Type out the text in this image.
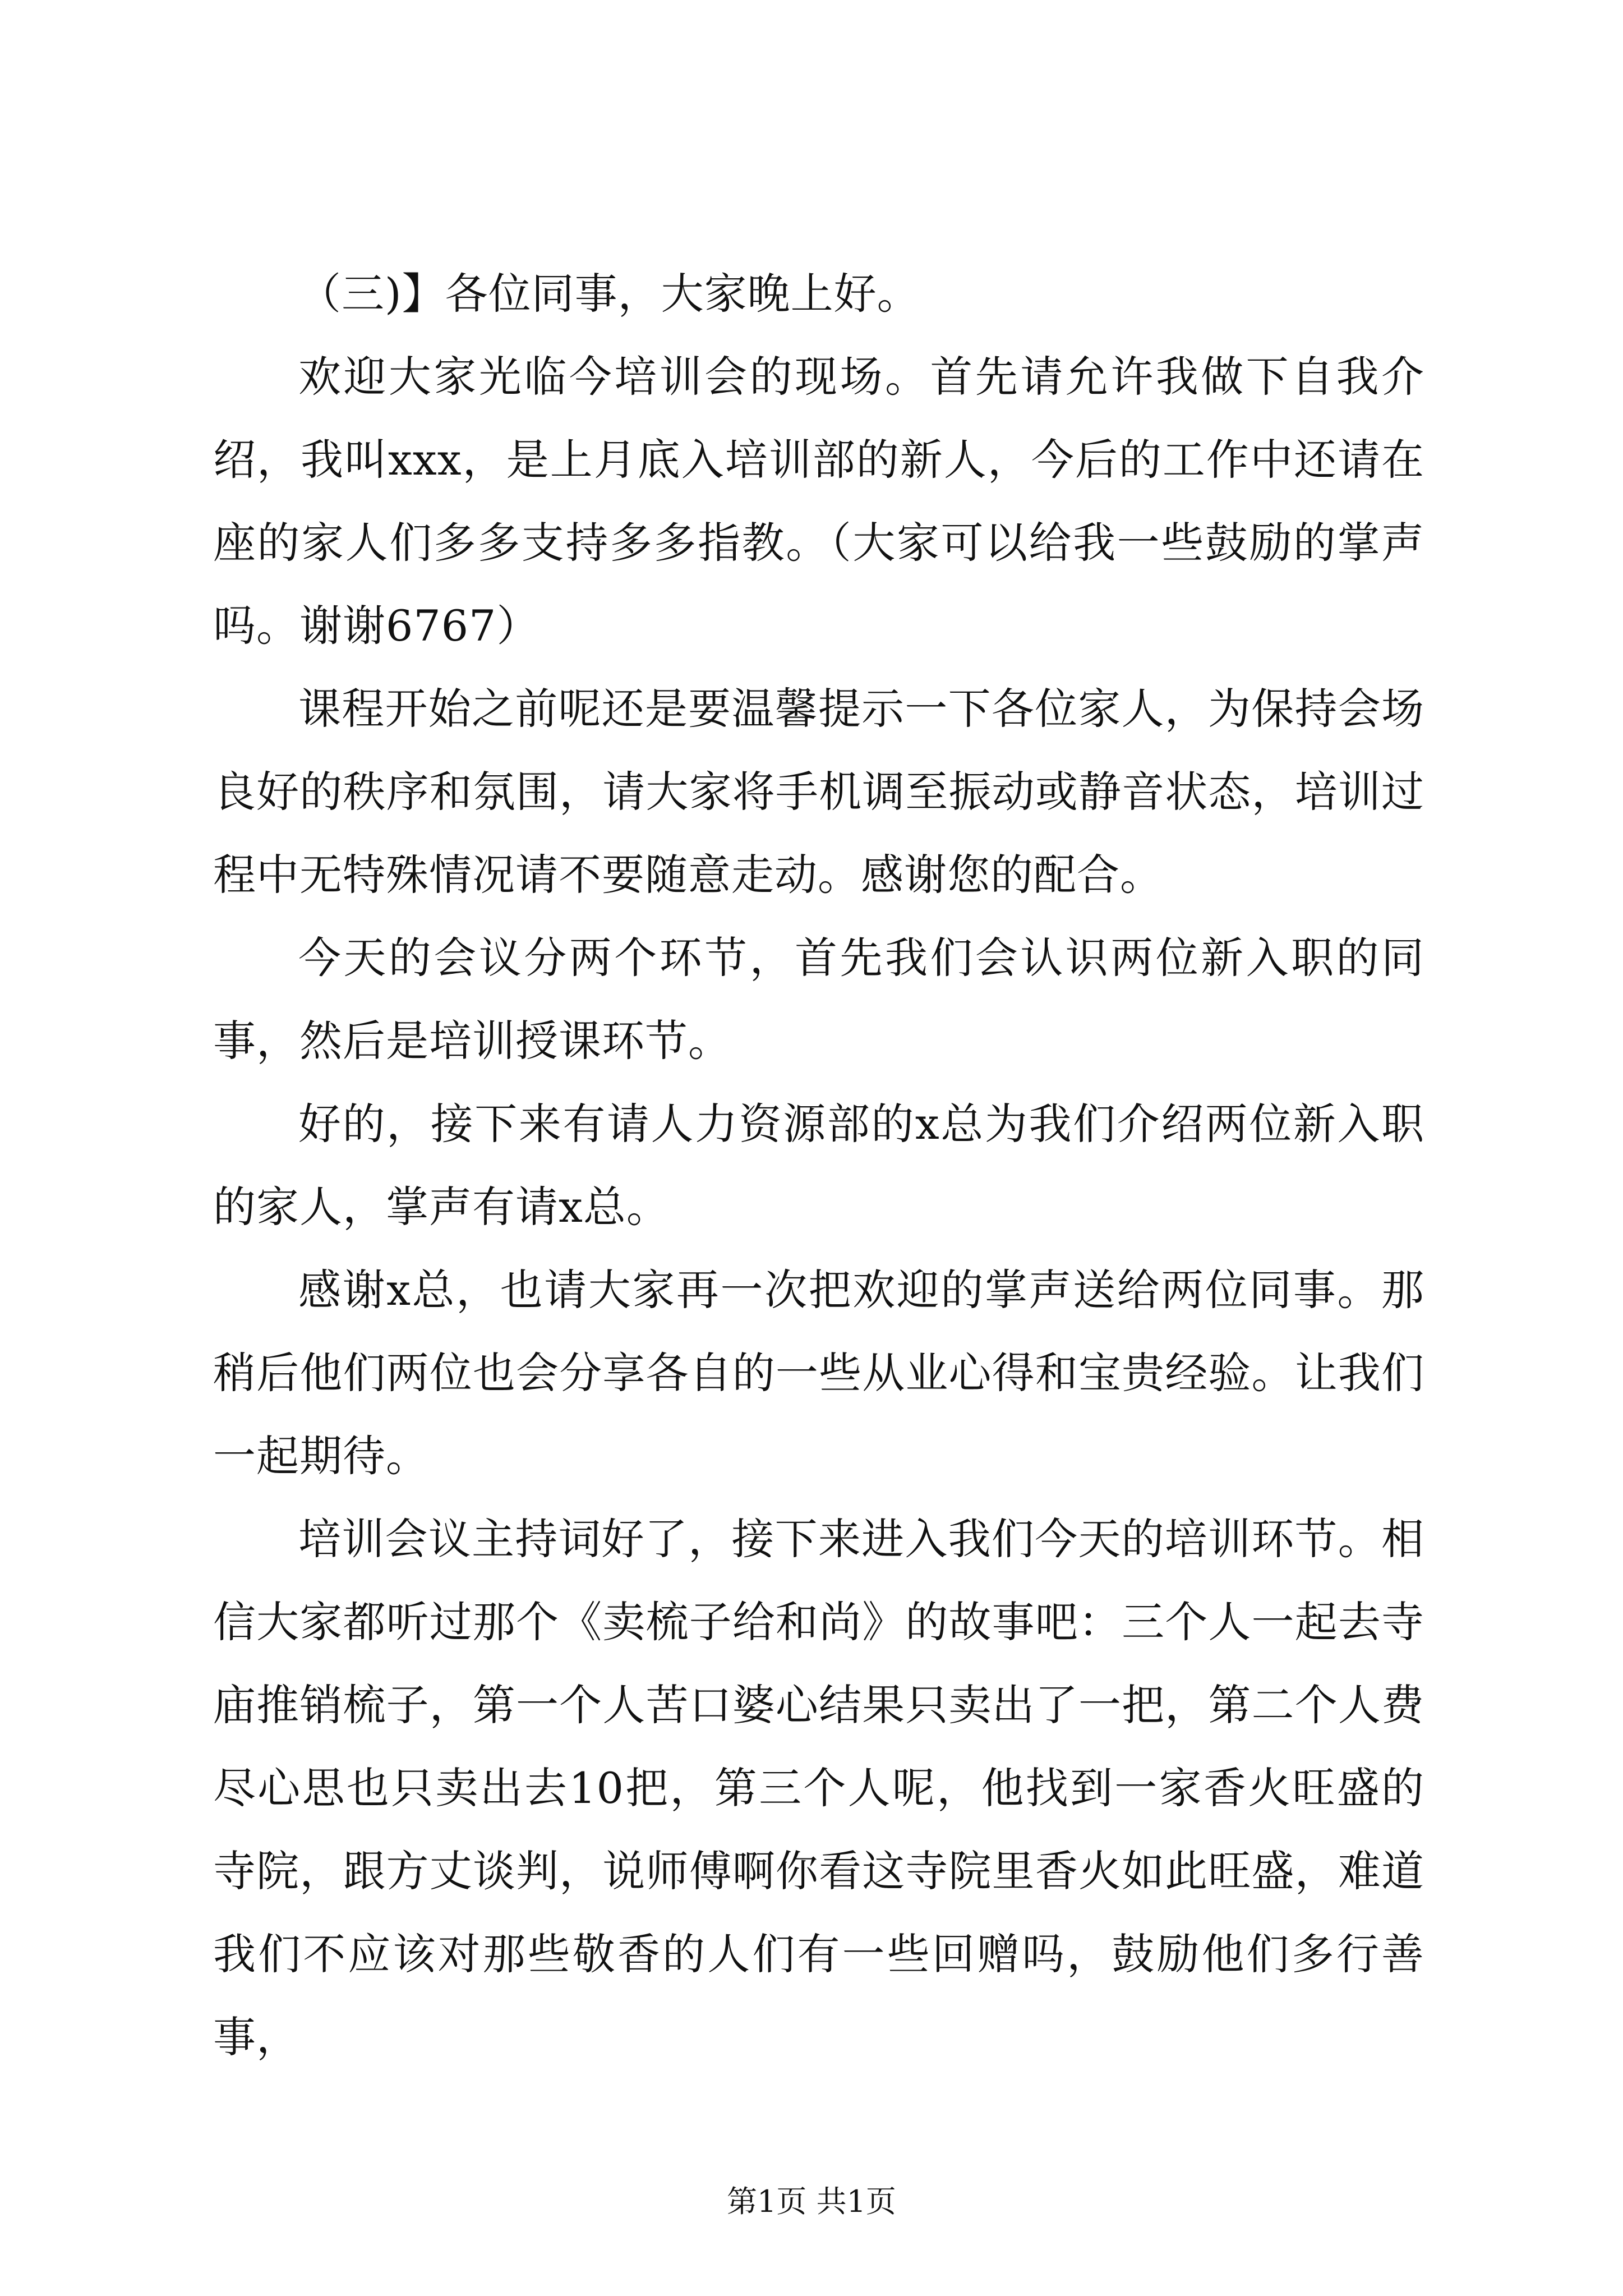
（三)】各位同事，大家晚上好。

欢迎大家光临今培训会的现场。首先请允许我做下自我介绍，我叫xxx，是上月底入培训部的新人，今后的工作中还请在座的家人们多多支持多多指教。（大家可以给我一些鼓励的掌声吗。谢谢6767）

课程开始之前呢还是要温馨提示一下各位家人，为保持会场良好的秩序和氛围，请大家将手机调至振动或静音状态，培训过程中无特殊情况请不要随意走动。感谢您的配合。

今天的会议分两个环节，首先我们会认识两位新入职的同事，然后是培训授课环节。

好的，接下来有请人力资源部的x总为我们介绍两位新入职的家人，掌声有请x总。

感谢x总，也请大家再一次把欢迎的掌声送给两位同事。那稍后他们两位也会分享各自的一些从业心得和宝贵经验。让我们一起期待。

培训会议主持词好了，接下来进入我们今天的培训环节。相信大家都听过那个《卖梳子给和尚》的故事吧：三个人一起去寺庙推销梳子，第一个人苦口婆心结果只卖出了一把，第二个人费尽心思也只卖出去10把，第三个人呢，他找到一家香火旺盛的寺院，跟方丈谈判，说师傅啊你看这寺院里香火如此旺盛，难道我们不应该对那些敬香的人们有一些回赠吗，鼓励他们多行善事，

第1页 共1页
